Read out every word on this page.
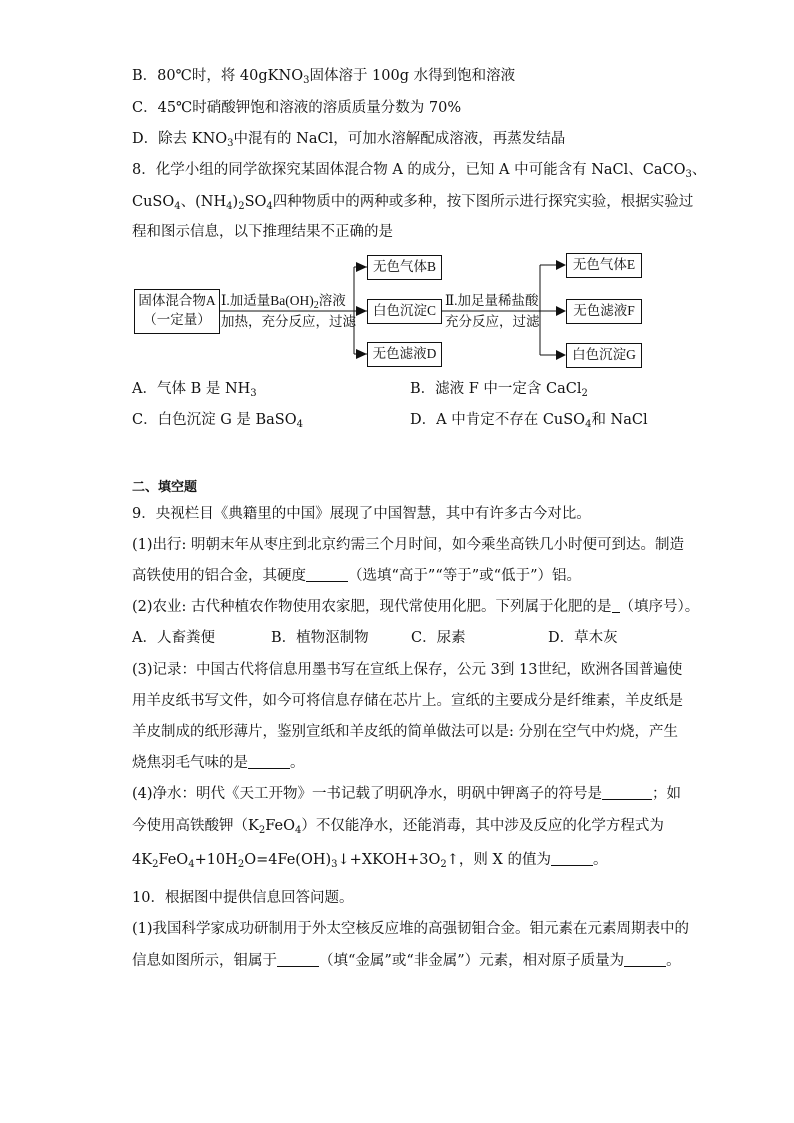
B．80℃时，将 40gKNO$_3$固体溶于 100g 水得到饱和溶液
C．45℃时硝酸钾饱和溶液的溶质质量分数为 70%
D．除去 $KNO_3$中混有的 NaCl，可加水溶解配成溶液，再蒸发结晶
8．化学小组的同学欲探究某固体混合物 A 的成分，已知 A 中可能含有 NaCl、CaCO$_3$、
CuSO$_4$、$(NH_4)_2SO_4$四种物质中的两种或多种，按下图所示进行探究实验，根据实验过
程和图示信息，以下推理结果不正确的是
固体混合物A
（一定量）
Ⅰ.加适量$Ba(OH)_2$溶液
加热，充分反应，过滤
无色气体B
白色沉淀C
无色滤液D
Ⅱ.加足量稀盐酸
充分反应，过滤
无色气体E
无色滤液F
白色沉淀G
A．气体 B 是 $NH_3$	B．滤液 F 中一定含 CaCl$_2$
C．白色沉淀 G 是 BaSO$_4$	D．A 中肯定不存在 CuSO$_4$和 NaCl
二、填空题
9．央视栏目《典籍里的中国》展现了中国智慧，其中有许多古今对比。
(1)出行: 明朝末年从枣庄到北京约需三个月时间，如今乘坐高铁几小时便可到达。制造
高铁使用的铝合金，其硬度	（选填“高于”“等于”或“低于”）铝。
(2)农业: 古代种植农作物使用农家肥，现代常使用化肥。下列属于化肥的是 （填序号）。
A．人畜粪便	B．植物沤制物	C．尿素	D．草木灰
(3)记录：中国古代将信息用墨书写在宣纸上保存，公元 3到 13世纪，欧洲各国普遍使
用羊皮纸书写文件，如今可将信息存储在芯片上。宣纸的主要成分是纤维素，羊皮纸是
羊皮制成的纸形薄片，鉴别宣纸和羊皮纸的简单做法可以是: 分别在空气中灼烧，产生
烧焦羽毛气味的是	。
(4)净水：明代《天工开物》一书记载了明矾净水，明矾中钾离子的符号是	；如
今使用高铁酸钾$(K_2FeO_4)$不仅能净水，还能消毒，其中涉及反应的化学方程式为
$4K_2FeO_4+10H_2O=4Fe(OH)_3↓+XKOH+3O_2↑$，则 X 的值为	。
10．根据图中提供信息回答问题。
(1)我国科学家成功研制用于外太空核反应堆的高强韧钼合金。钼元素在元素周期表中的
信息如图所示，钼属于	（填“金属”或“非金属”）元素，相对原子质量为	。
